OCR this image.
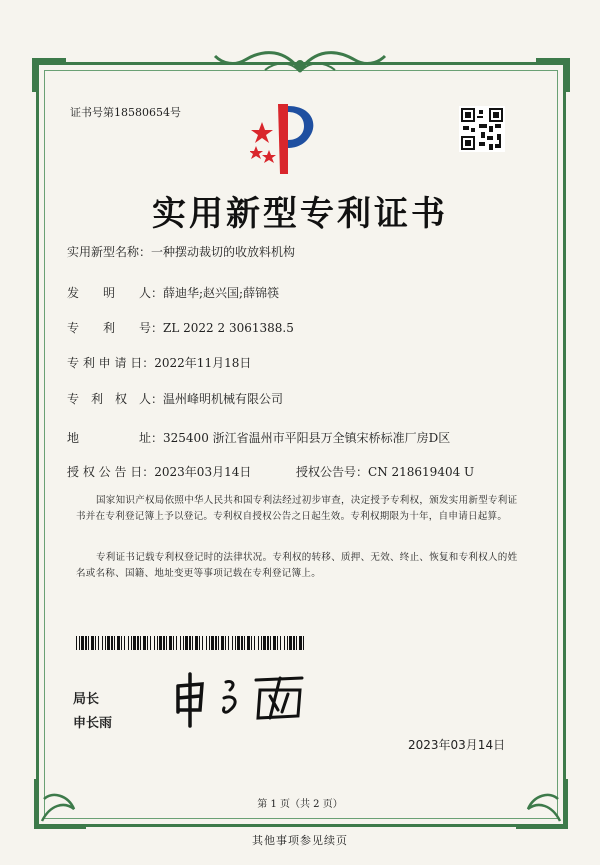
证书号第18580654号
实用新型专利证书
实用新型名称：一种摆动裁切的收放料机构
发　　明　　人：薛迪华;赵兴国;薛锦筷
专　　利　　号：ZL 2022 2 3061388.5
专 利 申 请 日：2022年11月18日
专　利　权　人：温州峰明机械有限公司
地　　　　　址：325400 浙江省温州市平阳县万全镇宋桥标准厂房D区
授 权 公 告 日：2023年03月14日	授权公告号：CN 218619404 U
国家知识产权局依照中华人民共和国专利法经过初步审查，决定授予专利权，颁发实用新型专利证书并在专利登记簿上予以登记。专利权自授权公告之日起生效。专利权期限为十年，自申请日起算。
专利证书记载专利权登记时的法律状况。专利权的转移、质押、无效、终止、恢复和专利权人的姓名或名称、国籍、地址变更等事项记载在专利登记簿上。
局长
申长雨
2023年03月14日
第 1 页（共 2 页）
其他事项参见续页
